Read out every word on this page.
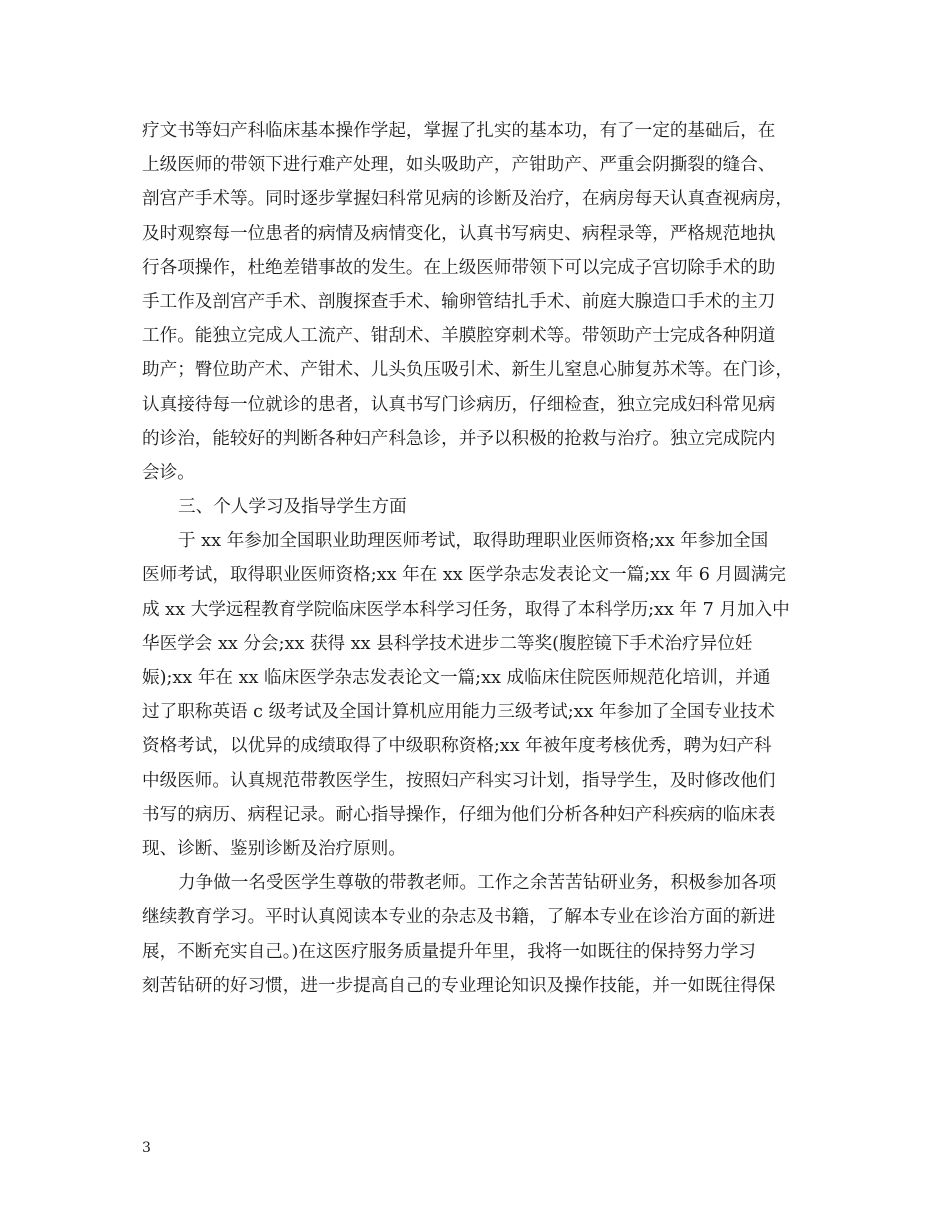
疗文书等妇产科临床基本操作学起，掌握了扎实的基本功，有了一定的基础后，在
上级医师的带领下进行难产处理，如头吸助产，产钳助产、严重会阴撕裂的缝合、
剖宫产手术等。同时逐步掌握妇科常见病的诊断及治疗，在病房每天认真查视病房，
及时观察每一位患者的病情及病情变化，认真书写病史、病程录等，严格规范地执
行各项操作，杜绝差错事故的发生。在上级医师带领下可以完成子宫切除手术的助
手工作及剖宫产手术、剖腹探查手术、输卵管结扎手术、前庭大腺造口手术的主刀
工作。能独立完成人工流产、钳刮术、羊膜腔穿刺术等。带领助产士完成各种阴道
助产；臀位助产术、产钳术、儿头负压吸引术、新生儿窒息心肺复苏术等。在门诊，
认真接待每一位就诊的患者，认真书写门诊病历，仔细检查，独立完成妇科常见病
的诊治，能较好的判断各种妇产科急诊，并予以积极的抢救与治疗。独立完成院内
会诊。
三、个人学习及指导学生方面
于 xx 年参加全国职业助理医师考试，取得助理职业医师资格;xx 年参加全国
医师考试，取得职业医师资格;xx 年在 xx 医学杂志发表论文一篇;xx 年 6 月圆满完
成 xx 大学远程教育学院临床医学本科学习任务，取得了本科学历;xx 年 7 月加入中
华医学会 xx 分会;xx 获得 xx 县科学技术进步二等奖(腹腔镜下手术治疗异位妊
娠);xx 年在 xx 临床医学杂志发表论文一篇;xx 成临床住院医师规范化培训，并通
过了职称英语 c 级考试及全国计算机应用能力三级考试;xx 年参加了全国专业技术
资格考试，以优异的成绩取得了中级职称资格;xx 年被年度考核优秀，聘为妇产科
中级医师。认真规范带教医学生，按照妇产科实习计划，指导学生，及时修改他们
书写的病历、病程记录。耐心指导操作，仔细为他们分析各种妇产科疾病的临床表
现、诊断、鉴别诊断及治疗原则。
力争做一名受医学生尊敬的带教老师。工作之余苦苦钻研业务，积极参加各项
继续教育学习。平时认真阅读本专业的杂志及书籍，了解本专业在诊治方面的新进
展，不断充实自己。)在这医疗服务质量提升年里，我将一如既往的保持努力学习
刻苦钻研的好习惯，进一步提高自己的专业理论知识及操作技能，并一如既往得保
3
